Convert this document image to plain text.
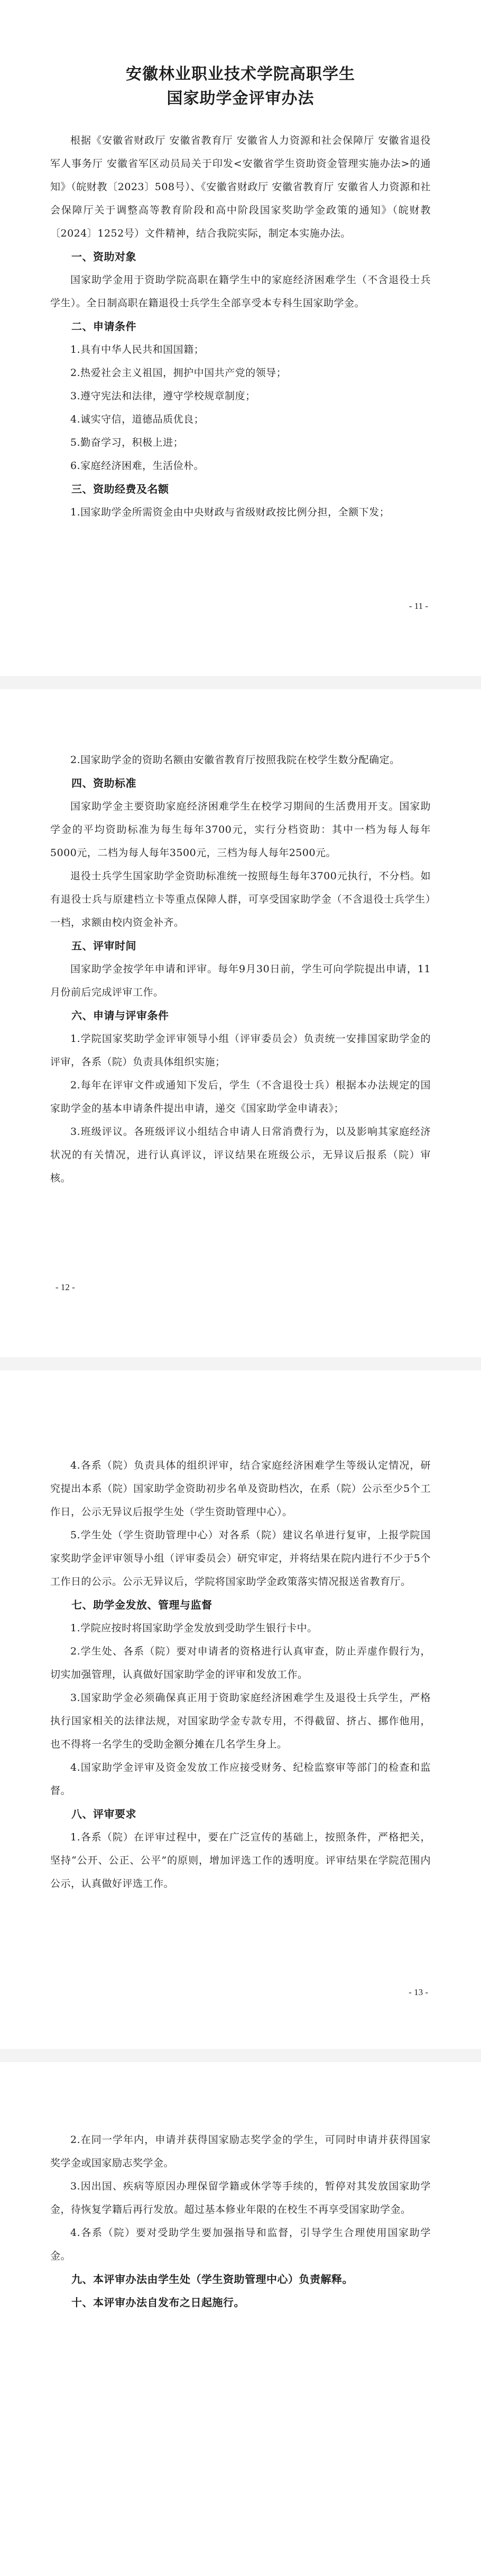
安徽林业职业技术学院高职学生
国家助学金评审办法

根据《安徽省财政厅 安徽省教育厅 安徽省人力资源和社会保障厅 安徽省退役军人事务厅 安徽省军区动员局关于印发<安徽省学生资助资金管理实施办法>的通知》（皖财教〔2023〕508号）、《安徽省财政厅 安徽省教育厅 安徽省人力资源和社会保障厅关于调整高等教育阶段和高中阶段国家奖助学金政策的通知》（皖财教〔2024〕1252号）文件精神，结合我院实际，制定本实施办法。

一、资助对象

国家助学金用于资助学院高职在籍学生中的家庭经济困难学生（不含退役士兵学生）。全日制高职在籍退役士兵学生全部享受本专科生国家助学金。

二、申请条件

1.具有中华人民共和国国籍；

2.热爱社会主义祖国，拥护中国共产党的领导；

3.遵守宪法和法律，遵守学校规章制度；

4.诚实守信，道德品质优良；

5.勤奋学习，积极上进；

6.家庭经济困难，生活俭朴。

三、资助经费及名额

1.国家助学金所需资金由中央财政与省级财政按比例分担，全额下发；

- 11 -

2.国家助学金的资助名额由安徽省教育厅按照我院在校学生数分配确定。

四、资助标准

国家助学金主要资助家庭经济困难学生在校学习期间的生活费用开支。国家助学金的平均资助标准为每生每年3700元，实行分档资助：其中一档为每人每年5000元，二档为每人每年3500元，三档为每人每年2500元。

退役士兵学生国家助学金资助标准统一按照每生每年3700元执行，不分档。如有退役士兵与原建档立卡等重点保障人群，可享受国家助学金（不含退役士兵学生）一档，求额由校内资金补齐。

五、评审时间

国家助学金按学年申请和评审。每年9月30日前，学生可向学院提出申请，11月份前后完成评审工作。

六、申请与评审条件

1.学院国家奖助学金评审领导小组（评审委员会）负责统一安排国家助学金的评审，各系（院）负责具体组织实施；

2.每年在评审文件或通知下发后，学生（不含退役士兵）根据本办法规定的国家助学金的基本申请条件提出申请，递交《国家助学金申请表》；

3.班级评议。各班级评议小组结合申请人日常消费行为，以及影响其家庭经济状况的有关情况，进行认真评议，评议结果在班级公示，无异议后报系（院）审核。

- 12 -

4.各系（院）负责具体的组织评审，结合家庭经济困难学生等级认定情况，研究提出本系（院）国家助学金资助初步名单及资助档次，在系（院）公示至少5个工作日，公示无异议后报学生处（学生资助管理中心）。

5.学生处（学生资助管理中心）对各系（院）建议名单进行复审，上报学院国家奖助学金评审领导小组（评审委员会）研究审定，并将结果在院内进行不少于5个工作日的公示。公示无异议后，学院将国家助学金政策落实情况报送省教育厅。

七、助学金发放、管理与监督

1.学院应按时将国家助学金发放到受助学生银行卡中。

2.学生处、各系（院）要对申请者的资格进行认真审查，防止弄虚作假行为，切实加强管理，认真做好国家助学金的评审和发放工作。

3.国家助学金必须确保真正用于资助家庭经济困难学生及退役士兵学生，严格执行国家相关的法律法规，对国家助学金专款专用，不得截留、挤占、挪作他用，也不得将一名学生的受助金额分摊在几名学生身上。

4.国家助学金评审及资金发放工作应接受财务、纪检监察审等部门的检查和监督。

八、评审要求

1.各系（院）在评审过程中，要在广泛宣传的基础上，按照条件，严格把关，坚持“公开、公正、公平”的原则，增加评选工作的透明度。评审结果在学院范围内公示，认真做好评选工作。

- 13 -

2.在同一学年内，申请并获得国家励志奖学金的学生，可同时申请并获得国家奖学金或国家励志奖学金。

3.因出国、疾病等原因办理保留学籍或休学等手续的，暂停对其发放国家助学金，待恢复学籍后再行发放。超过基本修业年限的在校生不再享受国家助学金。

4.各系（院）要对受助学生要加强指导和监督，引导学生合理使用国家助学金。

九、本评审办法由学生处（学生资助管理中心）负责解释。

十、本评审办法自发布之日起施行。
